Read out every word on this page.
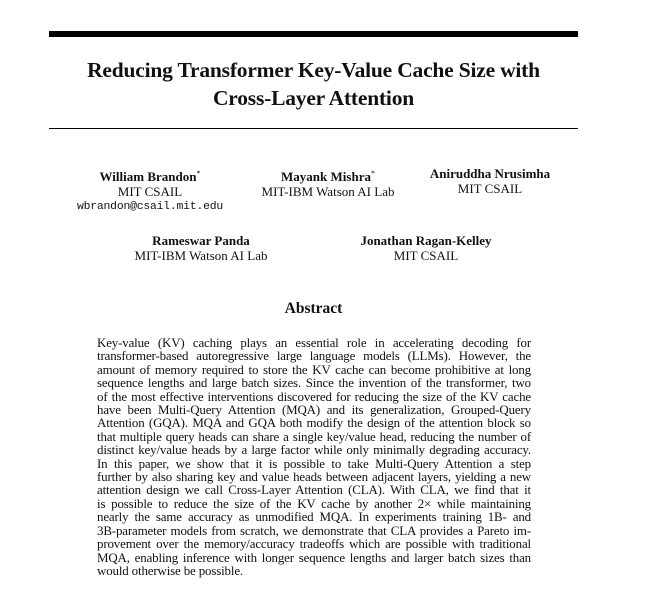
Reducing Transformer Key-Value Cache Size with
Cross-Layer Attention
William Brandon*
MIT CSAIL
wbrandon@csail.mit.edu
Mayank Mishra*
MIT-IBM Watson AI Lab
Aniruddha Nrusimha
MIT CSAIL
Rameswar Panda
MIT-IBM Watson AI Lab
Jonathan Ragan-Kelley
MIT CSAIL
Abstract
Key-value (KV) caching plays an essential role in accelerating decoding for
transformer-based autoregressive large language models (LLMs). However, the
amount of memory required to store the KV cache can become prohibitive at long
sequence lengths and large batch sizes. Since the invention of the transformer, two
of the most effective interventions discovered for reducing the size of the KV cache
have been Multi-Query Attention (MQA) and its generalization, Grouped-Query
Attention (GQA). MQA and GQA both modify the design of the attention block so
that multiple query heads can share a single key/value head, reducing the number of
distinct key/value heads by a large factor while only minimally degrading accuracy.
In this paper, we show that it is possible to take Multi-Query Attention a step
further by also sharing key and value heads between adjacent layers, yielding a new
attention design we call Cross-Layer Attention (CLA). With CLA, we find that it
is possible to reduce the size of the KV cache by another 2× while maintaining
nearly the same accuracy as unmodified MQA. In experiments training 1B- and
3B-parameter models from scratch, we demonstrate that CLA provides a Pareto im-
provement over the memory/accuracy tradeoffs which are possible with traditional
MQA, enabling inference with longer sequence lengths and larger batch sizes than
would otherwise be possible.
